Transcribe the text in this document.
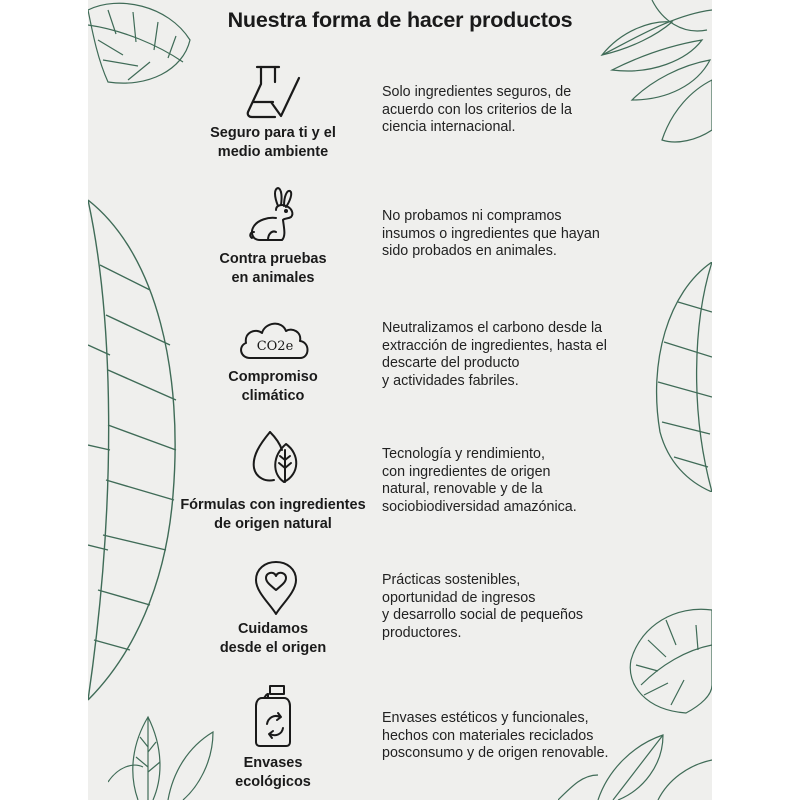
Nuestra forma de hacer productos
Seguro para ti y el
medio ambiente
Solo ingredientes seguros, de
acuerdo con los criterios de la
ciencia internacional.
Contra pruebas
en animales
No probamos ni compramos
insumos o ingredientes que hayan
sido probados en animales.
CO2e
Compromiso
climático
Neutralizamos el carbono desde la
extracción de ingredientes, hasta el
descarte del producto
y actividades fabriles.
Fórmulas con ingredientes
de origen natural
Tecnología y rendimiento,
con ingredientes de origen
natural, renovable y de la
sociobiodiversidad amazónica.
Cuidamos
desde el origen
Prácticas sostenibles,
oportunidad de ingresos
y desarrollo social de pequeños
productores.
Envases
ecológicos
Envases estéticos y funcionales,
hechos con materiales reciclados
posconsumo y de origen renovable.
